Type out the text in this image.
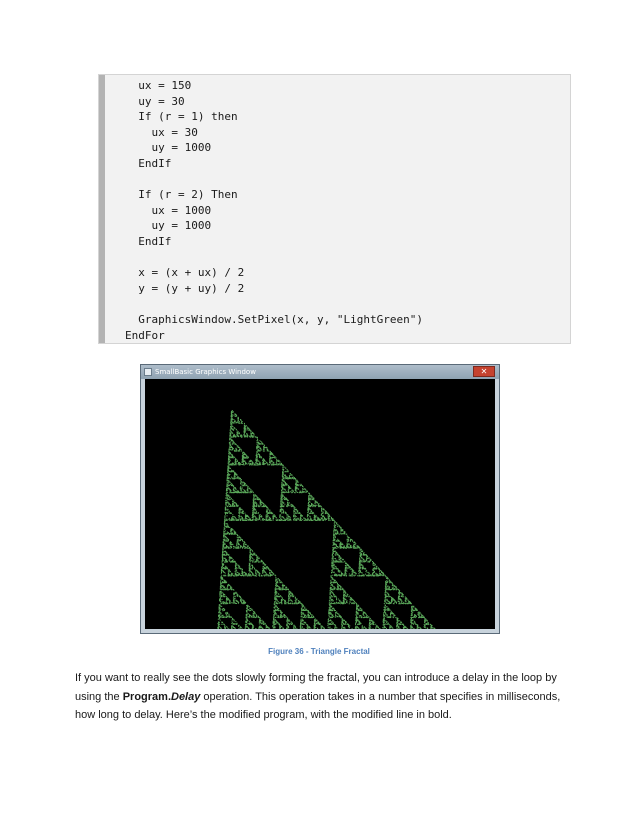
ux = 150
uy = 30
If (r = 1) then
ux = 30
uy = 1000
EndIf
If (r = 2) Then
ux = 1000
uy = 1000
EndIf
x = (x + ux) / 2
y = (y + uy) / 2
GraphicsWindow.SetPixel(x, y, "LightGreen")
EndFor
SmallBasic Graphics Window	✕
Figure 36 - Triangle Fractal
If you want to really see the dots slowly forming the fractal, you can introduce a delay in the loop by using the Program.Delay operation. This operation takes in a number that specifies in milliseconds, how long to delay. Here’s the modified program, with the modified line in bold.
